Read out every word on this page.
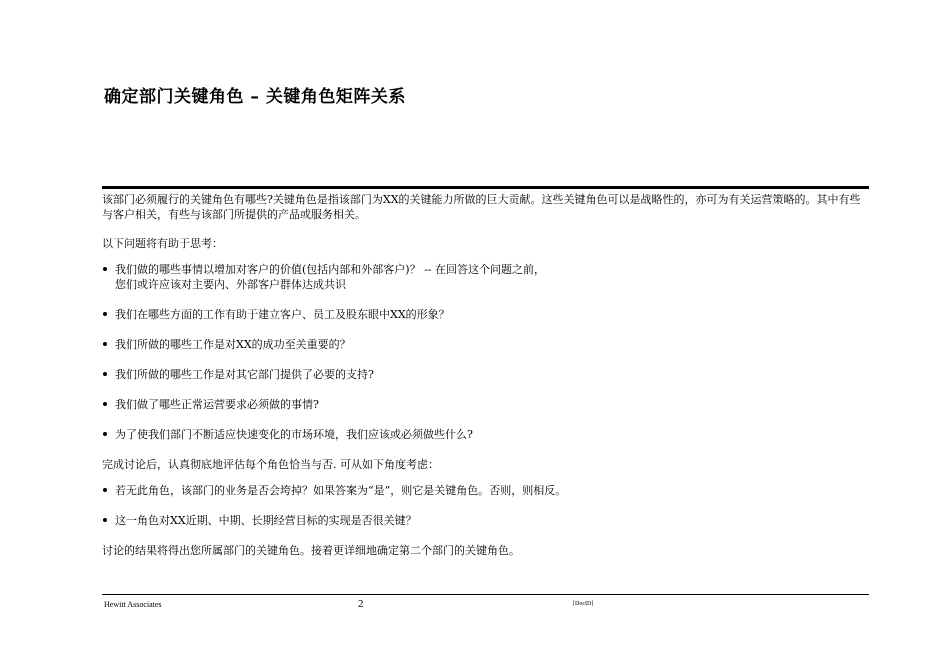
确定部门关键角色 – 关键角色矩阵关系

该部门必须履行的关键角色有哪些?关键角色是指该部门为XX的关键能力所做的巨大贡献。这些关键角色可以是战略性的，亦可为有关运营策略的。其中有些与客户相关，有些与该部门所提供的产品或服务相关。

以下问题将有助于思考：

我们做的哪些事情以增加对客户的价值(包括内部和外部客户)？ -- 在回答这个问题之前，
您们或许应该对主要内、外部客户群体达成共识
我们在哪些方面的工作有助于建立客户、员工及股东眼中XX的形象？
我们所做的哪些工作是对XX的成功至关重要的？
我们所做的哪些工作是对其它部门提供了必要的支持?
我们做了哪些正常运营要求必须做的事情?
为了使我们部门不断适应快速变化的市场环境，我们应该或必须做些什么?

完成讨论后，认真彻底地评估每个角色恰当与否. 可从如下角度考虑：

若无此角色，该部门的业务是否会垮掉？如果答案为“是”，则它是关键角色。否则，则相反。
这一角色对XX近期、中期、长期经营目标的实现是否很关键？

讨论的结果将得出您所属部门的关键角色。接着更详细地确定第二个部门的关键角色。

Hewitt Associates	2	[DocID]
